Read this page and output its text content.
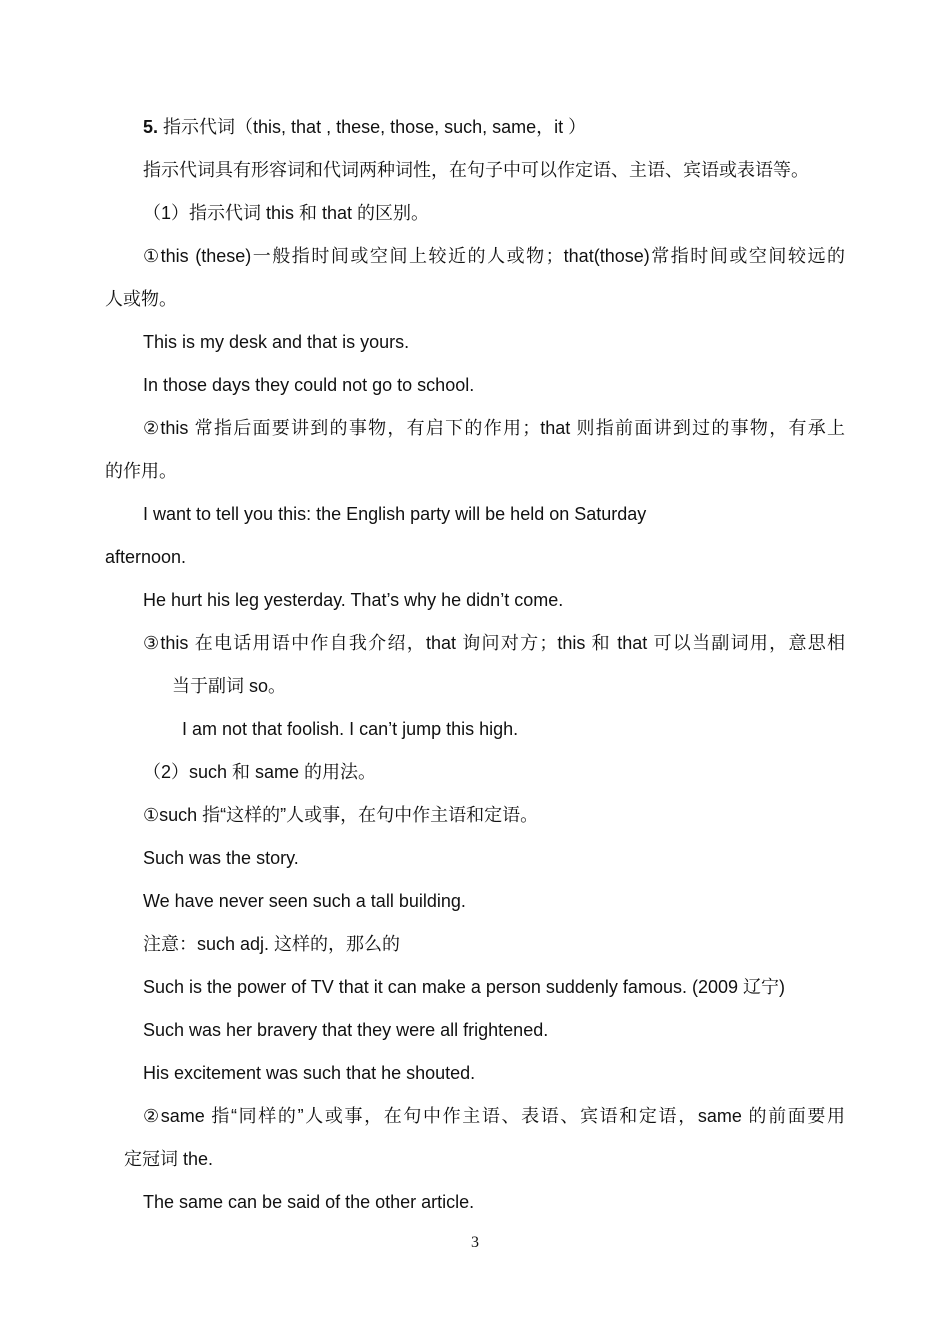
5. 指示代词（this, that , these, those, such, same，it ）
指示代词具有形容词和代词两种词性，在句子中可以作定语、主语、宾语或表语等。
（1）指示代词 this 和 that 的区别。
①this (these)一般指时间或空间上较近的人或物；that(those)常指时间或空间较远的
人或物。
This is my desk and that is yours.
In those days they could not go to school.
②this 常指后面要讲到的事物，有启下的作用；that 则指前面讲到过的事物，有承上
的作用。
I want to tell you this: the English party will be held on Saturday
afternoon.
He hurt his leg yesterday. That’s why he didn’t come.
③this 在电话用语中作自我介绍，that 询问对方；this 和 that 可以当副词用，意思相
当于副词 so。
I am not that foolish. I can’t jump this high.
（2）such 和 same 的用法。
①such 指“这样的”人或事，在句中作主语和定语。
Such was the story.
We have never seen such a tall building.
注意：such adj. 这样的，那么的
Such is the power of TV that it can make a person suddenly famous. (2009 辽宁)
Such was her bravery that they were all frightened.
His excitement was such that he shouted.
②same 指“同样的”人或事，在句中作主语、表语、宾语和定语，same 的前面要用
定冠词 the.
The same can be said of the other article.
3
